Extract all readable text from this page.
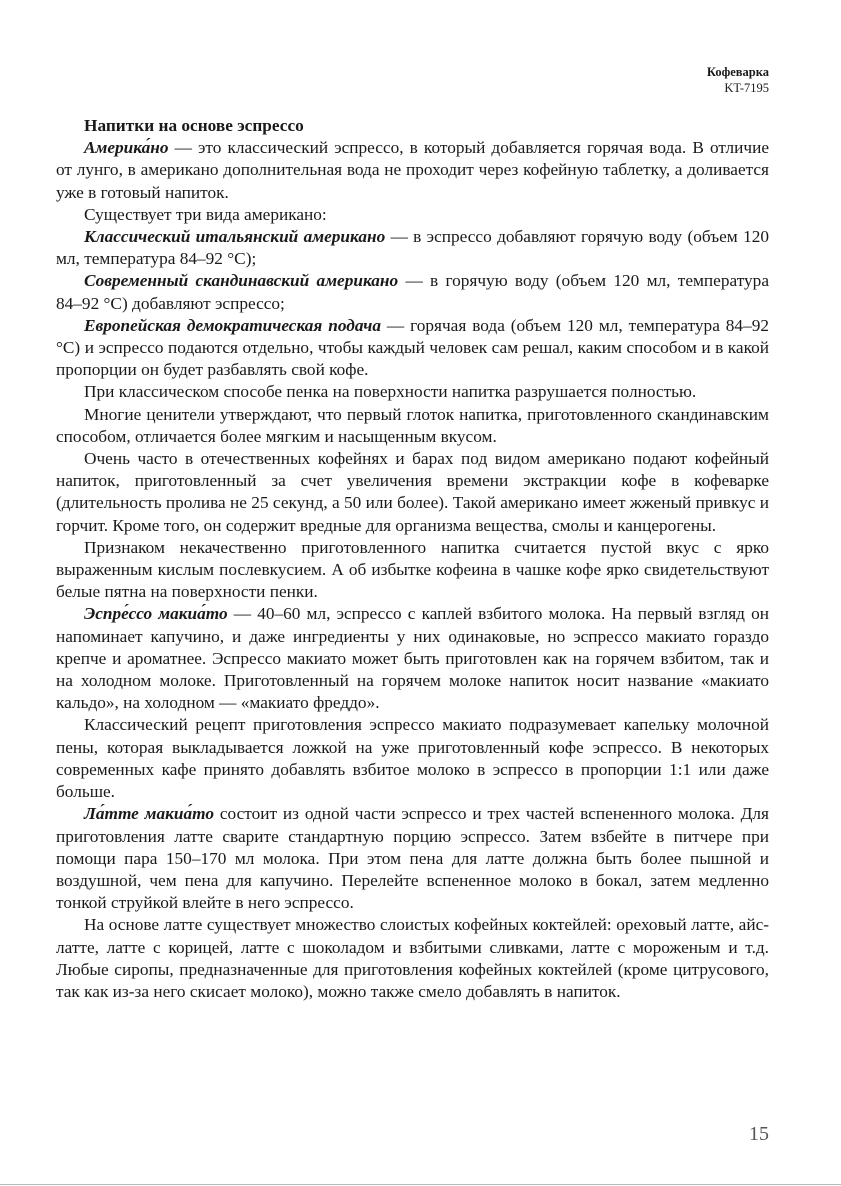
Кофеварка
KT-7195
Напитки на основе эспрессо

Америка́но — это классический эспрессо, в который добавляется горячая вода. В отличие от лунго, в американо дополнительная вода не проходит через кофейную таблетку, а доливается уже в готовый напиток.

Существует три вида американо:

Классический итальянский американо — в эспрессо добавляют горячую воду (объем 120 мл, температура 84–92 °С);

Современный скандинавский американо — в горячую воду (объем 120 мл, температура 84–92 °С) добавляют эспрессо;

Европейская демократическая подача — горячая вода (объем 120 мл, температура 84–92 °С) и эспрессо подаются отдельно, чтобы каждый человек сам решал, каким способом и в какой пропорции он будет разбавлять свой кофе.

При классическом способе пенка на поверхности напитка разрушается полностью.

Многие ценители утверждают, что первый глоток напитка, приготовленного скандинавским способом, отличается более мягким и насыщенным вкусом.

Очень часто в отечественных кофейнях и барах под видом американо подают кофейный напиток, приготовленный за счет увеличения времени экстракции кофе в кофеварке (длительность пролива не 25 секунд, а 50 или более). Такой американо имеет жженый привкус и горчит. Кроме того, он содержит вредные для организма вещества, смолы и канцерогены.

Признаком некачественно приготовленного напитка считается пустой вкус с ярко выраженным кислым послевкусием. А об избытке кофеина в чашке кофе ярко свидетельствуют белые пятна на поверхности пенки.

Эспре́ссо макиа́то — 40–60 мл, эспрессо с каплей взбитого молока. На первый взгляд он напоминает капучино, и даже ингредиенты у них одинаковые, но эспрессо макиато гораздо крепче и ароматнее. Эспрессо макиато может быть приготовлен как на горячем взбитом, так и на холодном молоке. Приготовленный на горячем молоке напиток носит название «макиато кальдо», на холодном — «макиато фреддо».

Классический рецепт приготовления эспрессо макиато подразумевает капельку молочной пены, которая выкладывается ложкой на уже приготовленный кофе эспрессо. В некоторых современных кафе принято добавлять взбитое молоко в эспрессо в пропорции 1:1 или даже больше.

Ла́тте макиа́то состоит из одной части эспрессо и трех частей вспененного молока. Для приготовления латте сварите стандартную порцию эспрессо. Затем взбейте в питчере при помощи пара 150–170 мл молока. При этом пена для латте должна быть более пышной и воздушной, чем пена для капучино. Перелейте вспененное молоко в бокал, затем медленно тонкой струйкой влейте в него эспрессо.

На основе латте существует множество слоистых кофейных коктейлей: ореховый латте, айс-латте, латте с корицей, латте с шоколадом и взбитыми сливками, латте с мороженым и т.д. Любые сиропы, предназначенные для приготовления кофейных коктейлей (кроме цитрусового, так как из-за него скисает молоко), можно также смело добавлять в напиток.

15
